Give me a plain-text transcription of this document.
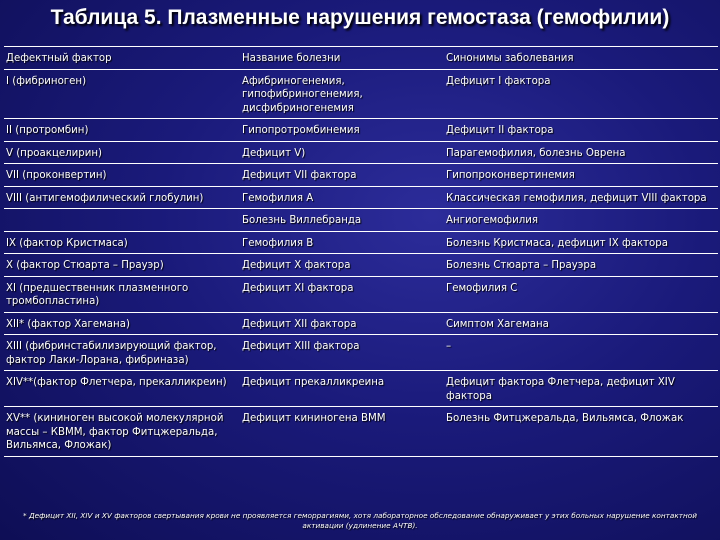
Таблица 5. Плазменные нарушения гемостаза (гемофилии)
Дефектный фактор	Название болезни	Синонимы заболевания
I (фибриноген)	Афибриногенемия, гипофибриногенемия, дисфибриногенемия	Дефицит I фактора
II (протромбин)	Гипопротромбинемия	Дефицит II фактора
V (проакцелирин)	Дефицит V)	Парагемофилия, болезнь Оврена
VII (проконвертин)	Дефицит VII фактора	Гипопроконвертинемия
VIII (антигемофилический глобулин)	Гемофилия А	Классическая гемофилия, дефицит VIII фактора
	Болезнь Виллебранда	Ангиогемофилия
IX (фактор Кристмаса)	Гемофилия В	Болезнь Кристмаса, дефицит IX фактора
X (фактор Стюарта – Прауэр)	Дефицит X фактора	Болезнь Стюарта – Прауэра
XI (предшественник плазменного тромбопластина)	Дефицит XI фактора	Гемофилия С
XII* (фактор Хагемана)	Дефицит XII фактора	Симптом Хагемана
XIII (фибринстабилизирующий фактор, фактор Лаки-Лорана, фибриназа)	Дефицит XIII фактора	–
XIV**(фактор Флетчера, прекалликреин)	Дефицит прекалликреина	Дефицит фактора Флетчера, дефицит XIV фактора
XV** (кининоген высокой молекулярной массы – КВММ, фактор Фитцжеральда, Вильямса, Фложак)	Дефицит кининогена ВММ	Болезнь Фитцжеральда, Вильямса, Фложак
* Дефицит XII, XIV и XV факторов свертывания крови не проявляется геморрагиями, хотя лабораторное обследование обнаруживает у этих больных нарушение контактной активации (удлинение АЧТВ).
